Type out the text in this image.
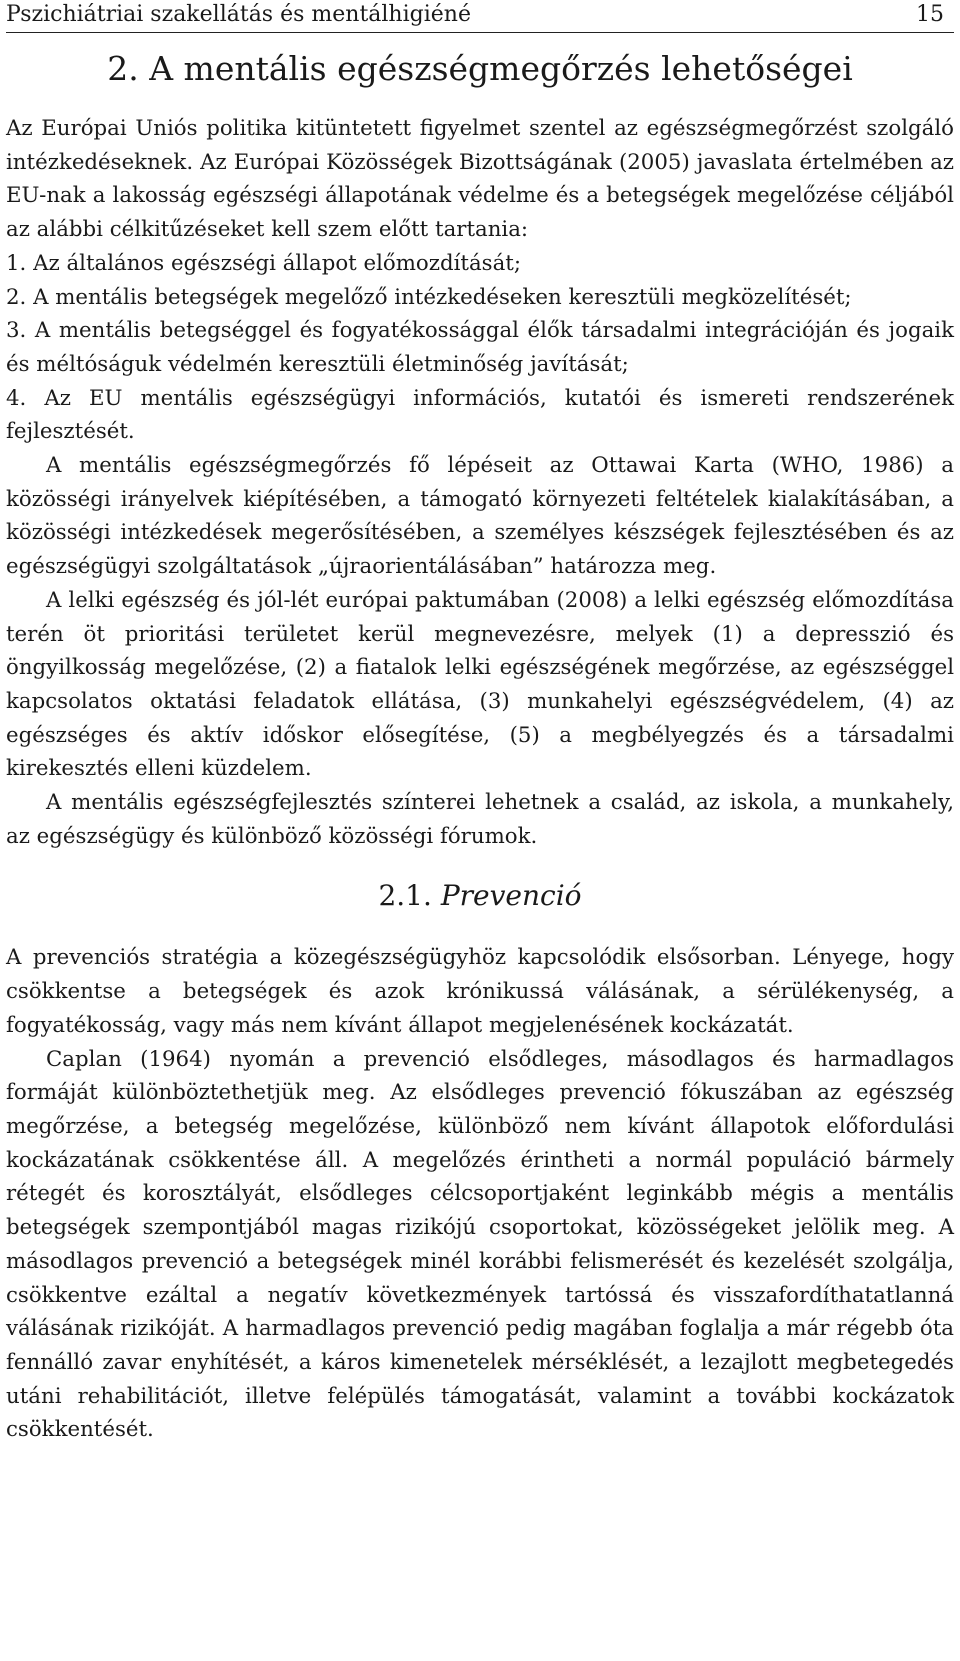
Pszichiátriai szakellátás és mentálhigiéné	15
2. A mentális egészségmegőrzés lehetőségei

Az Európai Uniós politika kitüntetett figyelmet szentel az egészségmegőrzést szolgáló intézkedéseknek. Az Európai Közösségek Bizottságának (2005) javaslata értelmében az EU-nak a lakosság egészségi állapotának védelme és a betegségek megelőzése céljából az alábbi célkitűzéseket kell szem előtt tartania:

1. Az általános egészségi állapot előmozdítását;

2. A mentális betegségek megelőző intézkedéseken keresztüli megközelítését;

3. A mentális betegséggel és fogyatékossággal élők társadalmi integrációján és jogaik és méltóságuk védelmén keresztüli életminőség javítását;

4. Az EU mentális egészségügyi információs, kutatói és ismereti rendszerének fejlesztését.

A mentális egészségmegőrzés fő lépéseit az Ottawai Karta (WHO, 1986) a közösségi irányelvek kiépítésében, a támogató környezeti feltételek kialakításában, a közösségi intézkedések megerősítésében, a személyes készségek fejlesztésében és az egészségügyi szolgáltatások „újraorientálásában” határozza meg.

A lelki egészség és jól-lét európai paktumában (2008) a lelki egészség előmozdítása terén öt prioritási területet kerül megnevezésre, melyek (1) a depresszió és öngyilkosság megelőzése, (2) a fiatalok lelki egészségének megőrzése, az egészséggel kapcsolatos oktatási feladatok ellátása, (3) munkahelyi egészségvédelem, (4) az egészséges és aktív időskor elősegítése, (5) a megbélyegzés és a társadalmi kirekesztés elleni küzdelem.

A mentális egészségfejlesztés színterei lehetnek a család, az iskola, a munkahely, az egészségügy és különböző közösségi fórumok.

2.1. Prevenció

A prevenciós stratégia a közegészségügyhöz kapcsolódik elsősorban. Lényege, hogy csökkentse a betegségek és azok krónikussá válásának, a sérülékenység, a fogyatékosság, vagy más nem kívánt állapot megjelenésének kockázatát.

Caplan (1964) nyomán a prevenció elsődleges, másodlagos és harmadlagos formáját különböztethetjük meg. Az elsődleges prevenció fókuszában az egészség megőrzése, a betegség megelőzése, különböző nem kívánt állapotok előfordulási kockázatának csökkentése áll. A megelőzés érintheti a normál populáció bármely rétegét és korosztályát, elsődleges célcsoportjaként leginkább mégis a mentális betegségek szempontjából magas rizikójú csoportokat, közösségeket jelölik meg. A másodlagos prevenció a betegségek minél korábbi felismerését és kezelését szolgálja, csökkentve ezáltal a negatív következmények tartóssá és visszafordíthatatlanná válásának rizikóját. A harmadlagos prevenció pedig magában foglalja a már régebb óta fennálló zavar enyhítését, a káros kimenetelek mérséklését, a lezajlott megbetegedés utáni rehabilitációt, illetve felépülés támogatását, valamint a további kockázatok csökkentését.
